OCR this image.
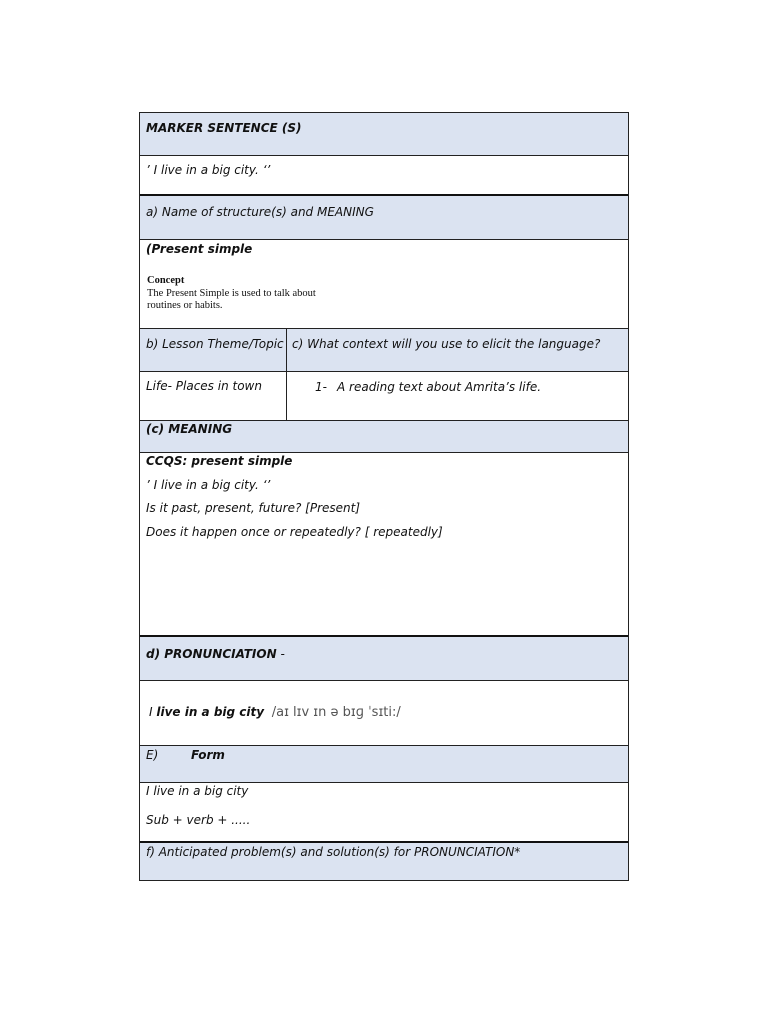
MARKER SENTENCE (S)
’ I live in a big city. ‘’
a) Name of structure(s) and MEANING
(Present simple
Concept
The Present Simple is used to talk about
routines or habits.
b) Lesson Theme/Topic c) What context will you use to elicit the language?
Life- Places in town	1- A reading text about Amrita’s life.
(c) MEANING
CCQS: present simple
’ I live in a big city. ‘’
Is it past, present, future? [Present]
Does it happen once or repeatedly? [ repeatedly]
d) PRONUNCIATION -
I live in a big city /aɪ lɪv ɪn ə bɪɡ ˈsɪti:/
E)	Form
I live in a big city
Sub + verb + .....
f) Anticipated problem(s) and solution(s) for PRONUNCIATION*
